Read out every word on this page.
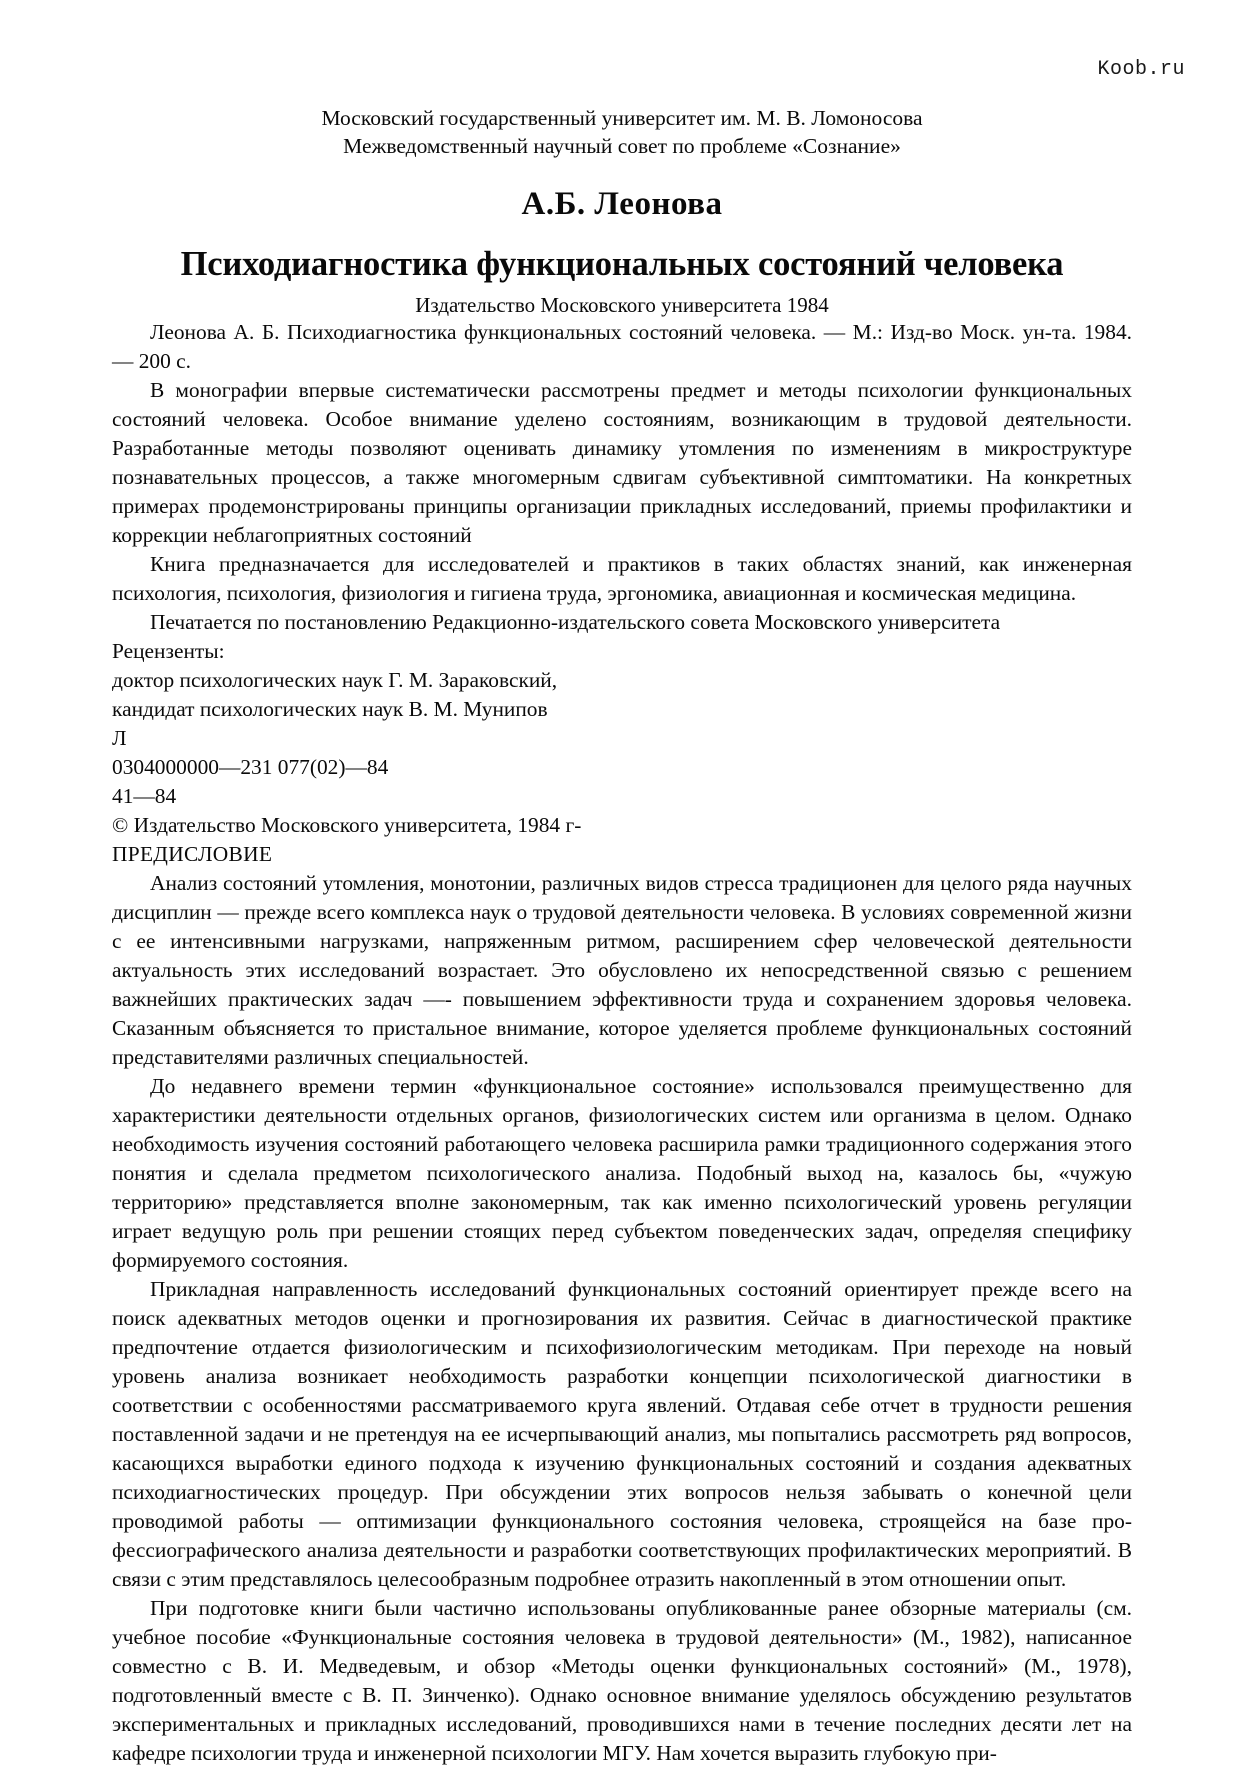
Koob.ru
Московский государственный университет им. М. В. Ломоносова
Межведомственный научный совет по проблеме «Сознание»
А.Б. Леонова
Психодиагностика функциональных состояний человека
Издательство Московского университета 1984

Леонова А. Б. Психодиагностика функциональных состояний человека. — М.: Изд-во Моск. ун-та. 1984. — 200 с.

В монографии впервые систематически рассмотрены предмет и методы психологии функциональных состояний человека. Особое внимание уделено состояниям, возникающим в трудовой деятельности. Разработанные методы позволяют оценивать динамику утомления по изменениям в микроструктуре познавательных процессов, а также многомерным сдвигам субъективной симптоматики. На конкретных примерах продемонстрированы принципы организации прикладных исследований, приемы профилактики и коррекции неблагоприятных состояний

Книга предназначается для исследователей и практиков в таких областях знаний, как инженерная психология, психология, физиология и гигиена труда, эргономика, авиационная и космическая медицина.

Печатается по постановлению Редакционно-издательского совета Московского университета

Рецензенты:
доктор психологических наук Г. М. Зараковский,
кандидат психологических наук В. М. Мунипов
Л
0304000000—231 077(02)—84
41—84
© Издательство Московского университета, 1984 г-
ПРЕДИСЛОВИЕ

Анализ состояний утомления, монотонии, различных видов стресса традиционен для целого ряда научных дисциплин — прежде всего комплекса наук о трудовой деятельности человека. В условиях современной жизни с ее интенсивными нагрузками, напряженным ритмом, расширением сфер человеческой деятельности актуальность этих исследований возрастает. Это обусловлено их непосредственной связью с решением важнейших практических задач —- повышением эффективности труда и сохранением здоровья человека. Сказанным объясняется то пристальное внимание, которое уделяется проблеме функциональных состояний представителями различных специальностей.

До недавнего времени термин «функциональное состояние» использовался преимущественно для характеристики деятельности отдельных органов, физиологических систем или организма в целом. Однако необходимость изучения состояний работающего человека расширила рамки традиционного содержания этого понятия и сделала предметом психологического анализа. Подобный выход на, казалось бы, «чужую территорию» представляется вполне закономерным, так как именно психологический уровень регуляции играет ведущую роль при решении стоящих перед субъектом поведенческих задач, определяя специфику формируемого состояния.

Прикладная направленность исследований функциональных состояний ориентирует прежде всего на поиск адекватных методов оценки и прогнозирования их развития. Сейчас в диагностической практике предпочтение отдается физиологическим и психофизиологическим методикам. При переходе на новый уровень анализа возникает необходимость разработки концепции психологической диагностики в соответствии с особенностями рассматриваемого круга явлений. Отдавая себе отчет в трудности решения поставленной задачи и не претендуя на ее исчерпывающий анализ, мы попытались рассмотреть ряд вопросов, касающихся выработки единого подхода к изучению функциональных состояний и создания адекватных психодиагностических процедур. При обсуждении этих вопросов нельзя забывать о конечной цели проводимой работы — оптимизации функционального состояния человека, строящейся на базе про-фессиографического анализа деятельности и разработки соответствующих профилактических мероприятий. В связи с этим представлялось целесообразным подробнее отразить накопленный в этом отношении опыт.

При подготовке книги были частично использованы опубликованные ранее обзорные материалы (см. учебное пособие «Функциональные состояния человека в трудовой деятельности» (М., 1982), написанное совместно с В. И. Медведевым, и обзор «Методы оценки функциональных состояний» (М., 1978), подготовленный вместе с В. П. Зинченко). Однако основное внимание уделялось обсуждению результатов экспериментальных и прикладных исследований, проводившихся нами в течение последних десяти лет на кафедре психологии труда и инженерной психологии МГУ. Нам хочется выразить глубокую при-
